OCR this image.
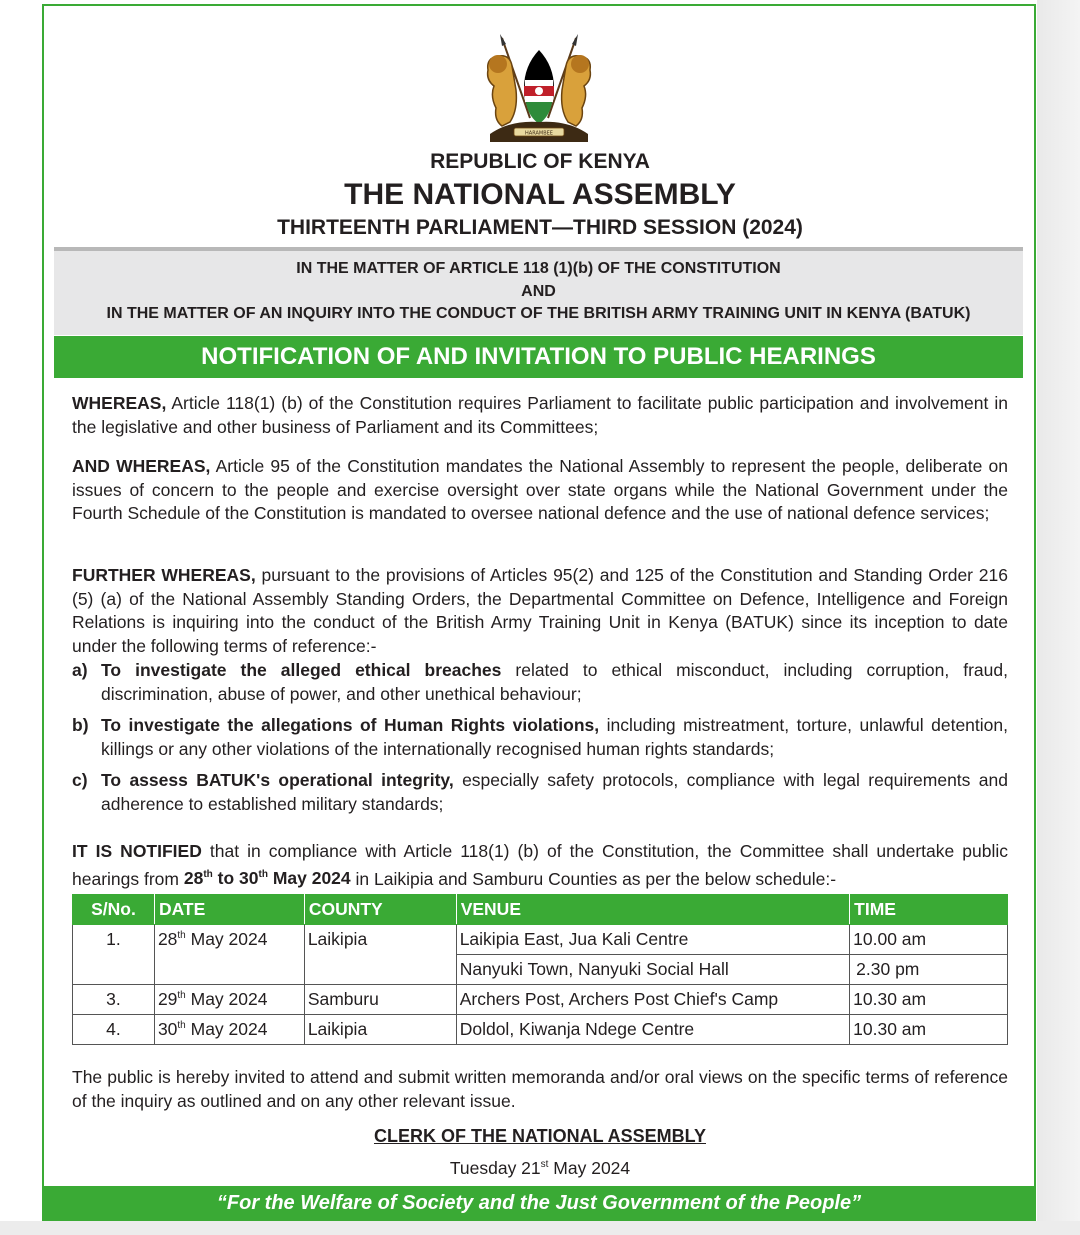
HARAMBEE
REPUBLIC OF KENYA
THE NATIONAL ASSEMBLY
THIRTEENTH PARLIAMENT—THIRD SESSION (2024)
IN THE MATTER OF ARTICLE 118 (1)(b) OF THE CONSTITUTION
AND
IN THE MATTER OF AN INQUIRY INTO THE CONDUCT OF THE BRITISH ARMY TRAINING UNIT IN KENYA (BATUK)
NOTIFICATION OF AND INVITATION TO PUBLIC HEARINGS
WHEREAS, Article 118(1) (b) of the Constitution requires Parliament to facilitate public participation and involvement in the legislative and other business of Parliament and its Committees;
AND WHEREAS, Article 95 of the Constitution mandates the National Assembly to represent the people, deliberate on issues of concern to the people and exercise oversight over state organs while the National Government under the Fourth Schedule of the Constitution is mandated to oversee national defence and the use of national defence services;
FURTHER WHEREAS, pursuant to the provisions of Articles 95(2) and 125 of the Constitution and Standing Order 216 (5) (a) of the National Assembly Standing Orders, the Departmental Committee on Defence, Intelligence and Foreign Relations is inquiring into the conduct of the British Army Training Unit in Kenya (BATUK) since its inception to date under the following terms of reference:-
a) To investigate the alleged ethical breaches related to ethical misconduct, including corruption, fraud, discrimination, abuse of power, and other unethical behaviour;
b) To investigate the allegations of Human Rights violations, including mistreatment, torture, unlawful detention, killings or any other violations of the internationally recognised human rights standards;
c) To assess BATUK's operational integrity, especially safety protocols, compliance with legal requirements and adherence to established military standards;
IT IS NOTIFIED that in compliance with Article 118(1) (b) of the Constitution, the Committee shall undertake public hearings from 28th to 30th May 2024 in Laikipia and Samburu Counties as per the below schedule:-
S/No.	DATE	COUNTY	VENUE	TIME
1.	28th May 2024	Laikipia	Laikipia East, Jua Kali Centre	10.00 am
			Nanyuki Town, Nanyuki Social Hall	2.30 pm
3.	29th May 2024	Samburu	Archers Post, Archers Post Chief's Camp	10.30 am
4.	30th May 2024	Laikipia	Doldol, Kiwanja Ndege Centre	10.30 am
The public is hereby invited to attend and submit written memoranda and/or oral views on the specific terms of reference of the inquiry as outlined and on any other relevant issue.
CLERK OF THE NATIONAL ASSEMBLY
Tuesday 21st May 2024
“For the Welfare of Society and the Just Government of the People”
